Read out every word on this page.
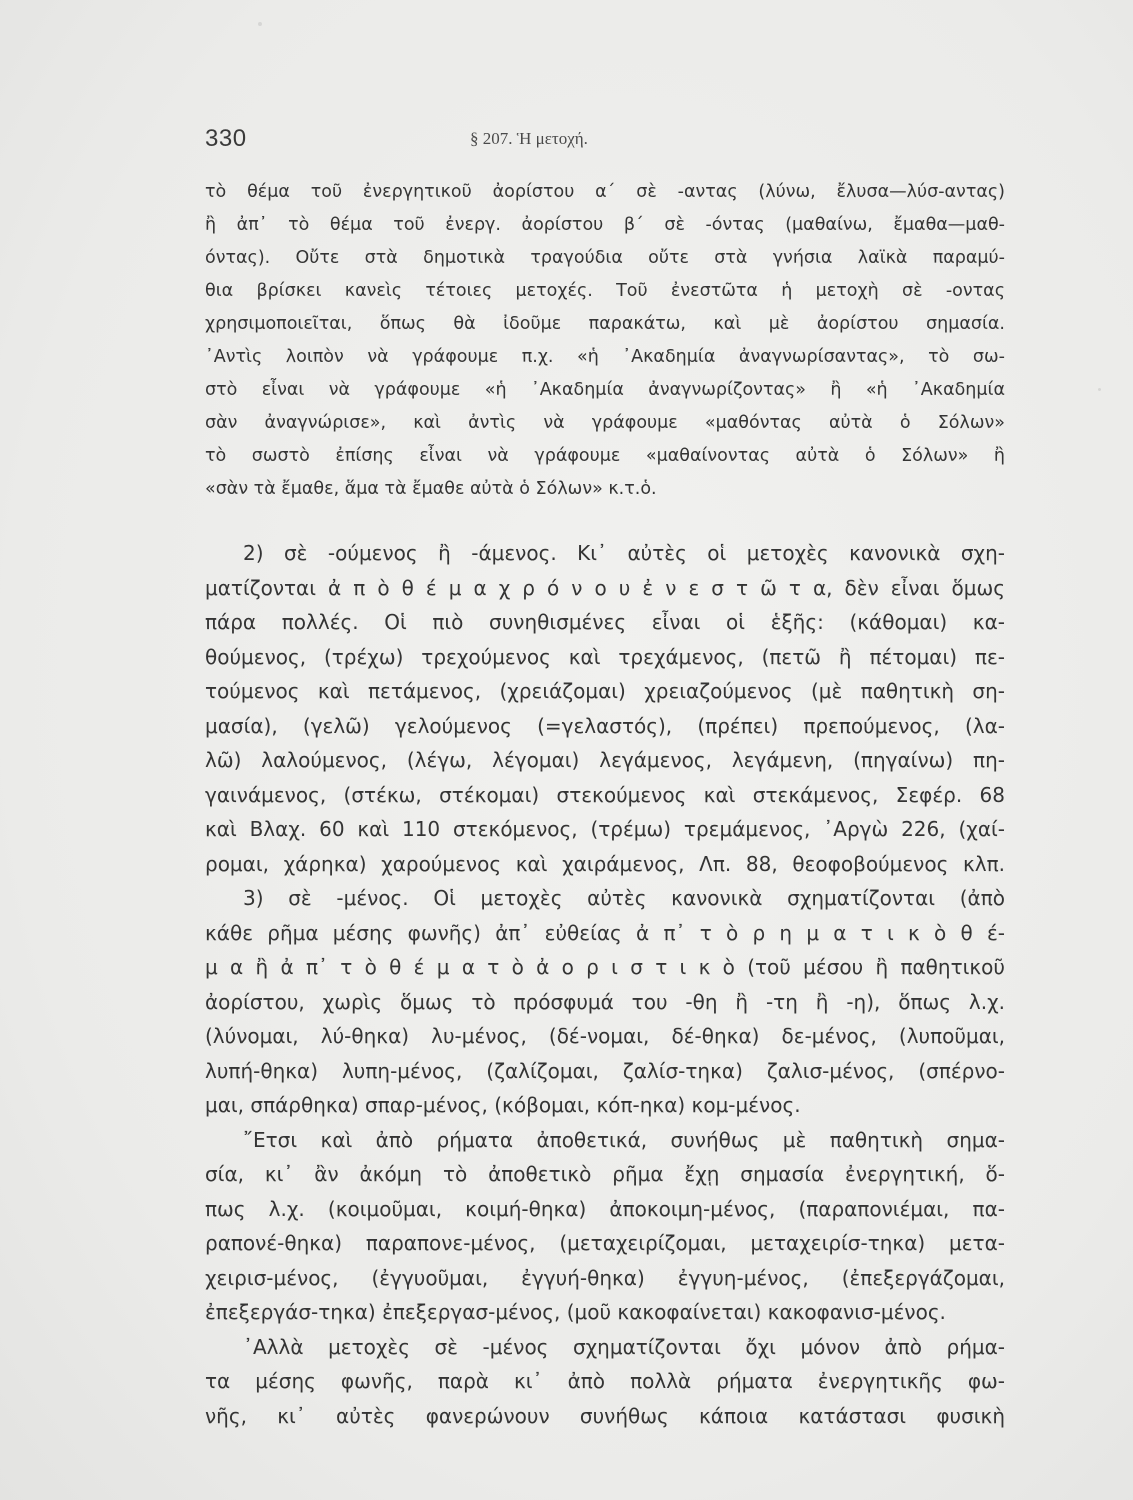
330	§ 207. Ἡ μετοχή.
τὸ θέμα τοῦ ἐνεργητικοῦ ἀορίστου α΄ σὲ -αντας (λύνω, ἔλυσα—λύσ-αντας)
ἢ ἀπ᾽ τὸ θέμα τοῦ ἐνεργ. ἀορίστου β΄ σὲ -όντας (μαθαίνω, ἔμαθα—μαθ-
όντας). Οὔτε στὰ δημοτικὰ τραγούδια οὔτε στὰ γνήσια λαϊκὰ παραμύ-
θια βρίσκει κανεὶς τέτοιες μετοχές. Τοῦ ἐνεστῶτα ἡ μετοχὴ σὲ -οντας
χρησιμοποιεῖται, ὅπως θὰ ἰδοῦμε παρακάτω, καὶ μὲ ἀορίστου σημασία.
᾽Αντὶς λοιπὸν νὰ γράφουμε π.χ. «ἡ ᾽Ακαδημία ἀναγνωρίσαντας», τὸ σω-
στὸ εἶναι νὰ γράφουμε «ἡ ᾽Ακαδημία ἀναγνωρίζοντας» ἢ «ἡ ᾽Ακαδημία
σὰν ἀναγνώρισε», καὶ ἀντὶς νὰ γράφουμε «μαθόντας αὐτὰ ὁ Σόλων»
τὸ σωστὸ ἐπίσης εἶναι νὰ γράφουμε «μαθαίνοντας αὐτὰ ὁ Σόλων» ἢ
«σὰν τὰ ἔμαθε, ἅμα τὰ ἔμαθε αὐτὰ ὁ Σόλων» κ.τ.ὁ.
2) σὲ -ούμενος ἢ -άμενος. Κι᾽ αὐτὲς οἱ μετοχὲς κανονικὰ σχη-
ματίζονται ἀ π ὸ θ έ μ α χ ρ ό ν ο υ ἐ ν ε σ τ ῶ τ α, δὲν εἶναι ὅμως
πάρα πολλές. Οἱ πιὸ συνηθισμένες εἶναι οἱ ἑξῆς: (κάθομαι) κα-
θούμενος, (τρέχω) τρεχούμενος καὶ τρεχάμενος, (πετῶ ἢ πέτομαι) πε-
τούμενος καὶ πετάμενος, (χρειάζομαι) χρειαζούμενος (μὲ παθητικὴ ση-
μασία), (γελῶ) γελούμενος (=γελαστός), (πρέπει) πρεπούμενος, (λα-
λῶ) λαλούμενος, (λέγω, λέγομαι) λεγάμενος, λεγάμενη, (πηγαίνω) πη-
γαινάμενος, (στέκω, στέκομαι) στεκούμενος καὶ στεκάμενος, Σεφέρ. 68
καὶ Βλαχ. 60 καὶ 110 στεκόμενος, (τρέμω) τρεμάμενος, ᾽Αργὼ 226, (χαί-
ρομαι, χάρηκα) χαρούμενος καὶ χαιράμενος, Λπ. 88, θεοφοβούμενος κλπ.
3) σὲ -μένος. Οἱ μετοχὲς αὐτὲς κανονικὰ σχηματίζονται (ἀπὸ
κάθε ρῆμα μέσης φωνῆς) ἀπ᾽ εὐθείας ἀ π᾽ τ ὸ ρ η μ α τ ι κ ὸ θ έ-
μ α ἢ ἀ π᾽ τ ὸ θ έ μ α τ ὸ ἀ ο ρ ι σ τ ι κ ὸ (τοῦ μέσου ἢ παθητικοῦ
ἀορίστου, χωρὶς ὅμως τὸ πρόσφυμά του -θη ἢ -τη ἢ -η), ὅπως λ.χ.
(λύνομαι, λύ-θηκα) λυ-μένος, (δέ-νομαι, δέ-θηκα) δε-μένος, (λυποῦμαι,
λυπή-θηκα) λυπη-μένος, (ζαλίζομαι, ζαλίσ-τηκα) ζαλισ-μένος, (σπέρνο-
μαι, σπάρθηκα) σπαρ-μένος, (κόβομαι, κόπ-ηκα) κομ-μένος.
῎Ετσι καὶ ἀπὸ ρήματα ἀποθετικά, συνήθως μὲ παθητικὴ σημα-
σία, κι᾽ ἂν ἀκόμη τὸ ἀποθετικὸ ρῆμα ἔχῃ σημασία ἐνεργητική, ὅ-
πως λ.χ. (κοιμοῦμαι, κοιμή-θηκα) ἀποκοιμη-μένος, (παραπονιέμαι, πα-
ραπονέ-θηκα) παραπονε-μένος, (μεταχειρίζομαι, μεταχειρίσ-τηκα) μετα-
χειρισ-μένος, (ἐγγυοῦμαι, ἐγγυή-θηκα) ἐγγυη-μένος, (ἐπεξεργάζομαι,
ἐπεξεργάσ-τηκα) ἐπεξεργασ-μένος, (μοῦ κακοφαίνεται) κακοφανισ-μένος.
᾽Αλλὰ μετοχὲς σὲ -μένος σχηματίζονται ὄχι μόνον ἀπὸ ρήμα-
τα μέσης φωνῆς, παρὰ κι᾽ ἀπὸ πολλὰ ρήματα ἐνεργητικῆς φω-
νῆς, κι᾽ αὐτὲς φανερώνουν συνήθως κάποια κατάστασι φυσικὴ
